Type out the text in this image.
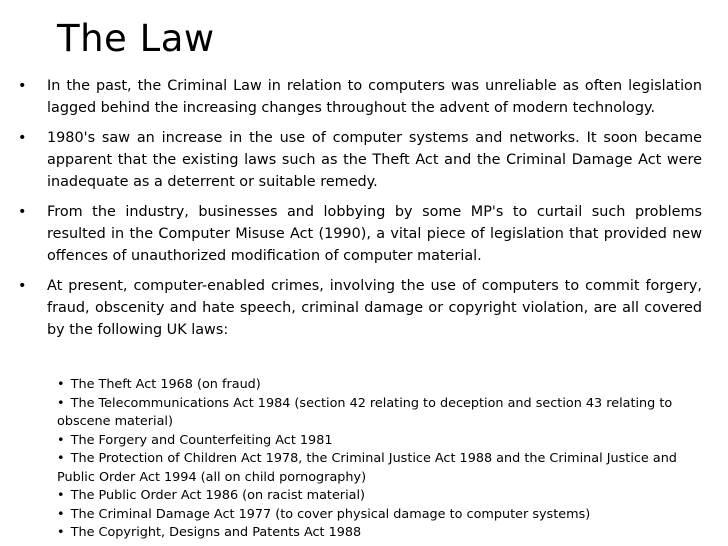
The Law
• In the past, the Criminal Law in relation to computers was unreliable as often legislation lagged behind the increasing changes throughout the advent of modern technology.
• 1980's saw an increase in the use of computer systems and networks. It soon became apparent that the existing laws such as the Theft Act and the Criminal Damage Act were inadequate as a deterrent or suitable remedy.
• From the industry, businesses and lobbying by some MP's to curtail such problems resulted in the Computer Misuse Act (1990), a vital piece of legislation that provided new offences of unauthorized modification of computer material.
• At present, computer-enabled crimes, involving the use of computers to commit forgery, fraud, obscenity and hate speech, criminal damage or copyright violation, are all covered by the following UK laws:
• The Theft Act 1968 (on fraud)
• The Telecommunications Act 1984 (section 42 relating to deception and section 43 relating to obscene material)
• The Forgery and Counterfeiting Act 1981
• The Protection of Children Act 1978, the Criminal Justice Act 1988 and the Criminal Justice and Public Order Act 1994 (all on child pornography)
• The Public Order Act 1986 (on racist material)
• The Criminal Damage Act 1977 (to cover physical damage to computer systems)
• The Copyright, Designs and Patents Act 1988
